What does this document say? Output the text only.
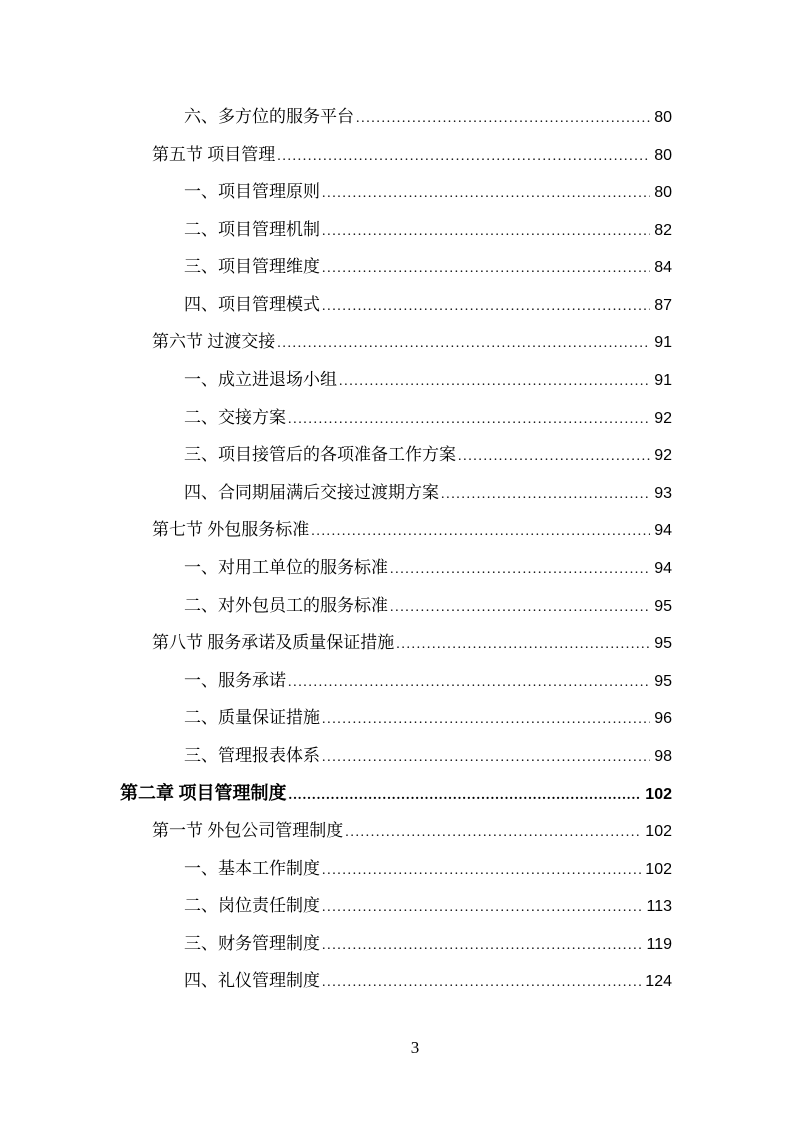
六、多方位的服务平台 .....	80
第五节 项目管理 .....	80
一、项目管理原则 .....	80
二、项目管理机制 .....	82
三、项目管理维度 .....	84
四、项目管理模式 .....	87
第六节 过渡交接 .....	91
一、成立进退场小组 .....	91
二、交接方案 .....	92
三、项目接管后的各项准备工作方案 .....	92
四、合同期届满后交接过渡期方案 .....	93
第七节 外包服务标准 .....	94
一、对用工单位的服务标准 .....	94
二、对外包员工的服务标准 .....	95
第八节 服务承诺及质量保证措施 .....	95
一、服务承诺 .....	95
二、质量保证措施 .....	96
三、管理报表体系 .....	98
第二章 项目管理制度 .....	102
第一节 外包公司管理制度 .....	102
一、基本工作制度 .....	102
二、岗位责任制度 .....	113
三、财务管理制度 .....	119
四、礼仪管理制度 .....	124
3
